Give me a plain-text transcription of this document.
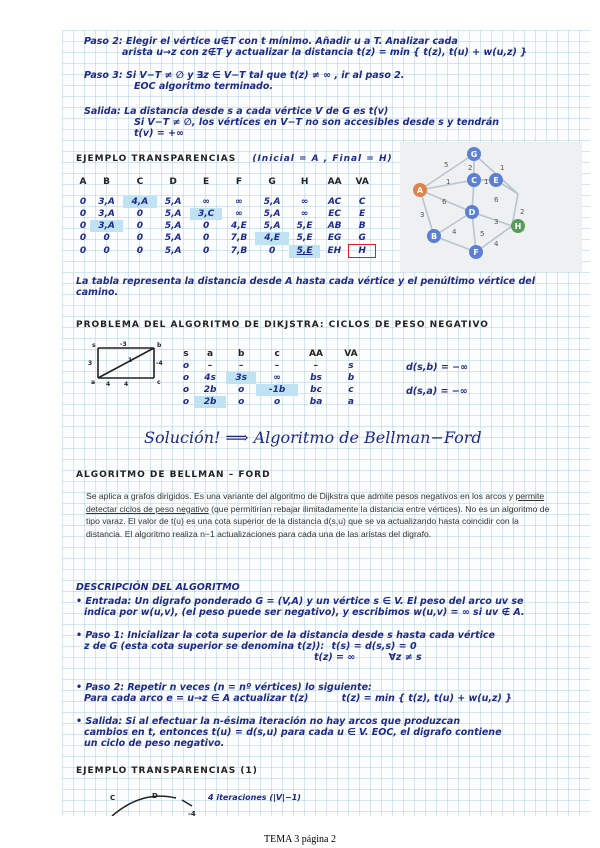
Paso 2: Elegir el vértice u∉T con t mínimo. Añadir u a T. Analizar cada

arista u→z con z∉T y actualizar la distancia t(z) = min { t(z), t(u) + w(u,z) }

Paso 3: Si V−T ≠ ∅ y ∃z ∈ V−T tal que t(z) ≠ ∞ , ir al paso 2.

EOC algoritmo terminado.

Salida: La distancia desde s a cada vértice V de G es t(v)

Si V−T ≠ ∅, los vértices en V−T no son accesibles desde s y tendrán

t(v) = +∞

EJEMPLO TRANSPARENCIAS (Inicial = A , Final = H)

A	B	C	D	E	F	G	H	AA	VA

0	3,A	4,A	5,A	∞	∞	5,A	∞	AC	C
0	3,A	0	5,A	3,C	∞	5,A	∞	EC	E
0	3,A	0	5,A	0	4,E	5,A	5,E	AB	B
0	0	0	5,A	0	7,B	4,E	5,E	EG	G
0	0	0	5,A	0	7,B	0	5,E	EH	H
5	1
1
2
6
3
6
2
4	5
3
4
1
A
B
C
D
E
F
G
H

La tabla representa la distancia desde A hasta cada vértice y el penúltimo vértice del

camino.

PROBLEMA DEL ALGORITMO DE DIKJSTRA: CICLOS DE PESO NEGATIVO

s
a
b
c
-3
3	-4
4
4
1
s	a	b	c	AA	VA
o	–	–	–	–	s
o	4s	3s	∞	bs	b
o	2b	o	-1b	bc	c
o	2b	o	o	ba	a

d(s,b) = −∞

d(s,a) = −∞

Solución! ⟹ Algoritmo de Bellman−Ford

ALGORITMO DE BELLMAN – FORD

Se aplica a grafos dirigidos. Es una variante del algoritmo de Dijkstra que admite pesos negativos en los arcos y permite detectar ciclos de peso negativo (que permitirían rebajar ilimitadamente la distancia entre vértices). No es un algoritmo de tipo varaz. El valor de t(u) es una cota superior de la distancia d(s,u) que se va actualizando hasta coincidir con la distancia. El algoritmo realiza n−1 actualizaciones para cada una de las aristas del digrafo.

DESCRIPCIÓN DEL ALGORITMO

• Entrada: Un digrafo ponderado G = (V,A) y un vértice s ∈ V. El peso del arco uv se
indica por w(u,v), (el peso puede ser negativo), y escribimos w(u,v) = ∞ si uv ∉ A.
• Paso 1: Inicializar la cota superior de la distancia desde s hasta cada vértice
z de G (esta cota superior se denomina t(z)): t(s) = d(s,s) = 0
t(z) = ∞	∀z ≠ s
• Paso 2: Repetir n veces (n = nº vértices) lo siguiente:
Para cada arco e = u→z ∈ A actualizar t(z)	t(z) = min { t(z), t(u) + w(u,z) }
• Salida: Si al efectuar la n-ésima iteración no hay arcos que produzcan
cambios en t, entonces t(u) = d(s,u) para cada u ∈ V. EOC, el digrafo contiene
un ciclo de peso negativo.

EJEMPLO TRANSPARENCIAS (1)

C	D
-4

4 iteraciones (|V|−1)

TEMA 3 página 2
